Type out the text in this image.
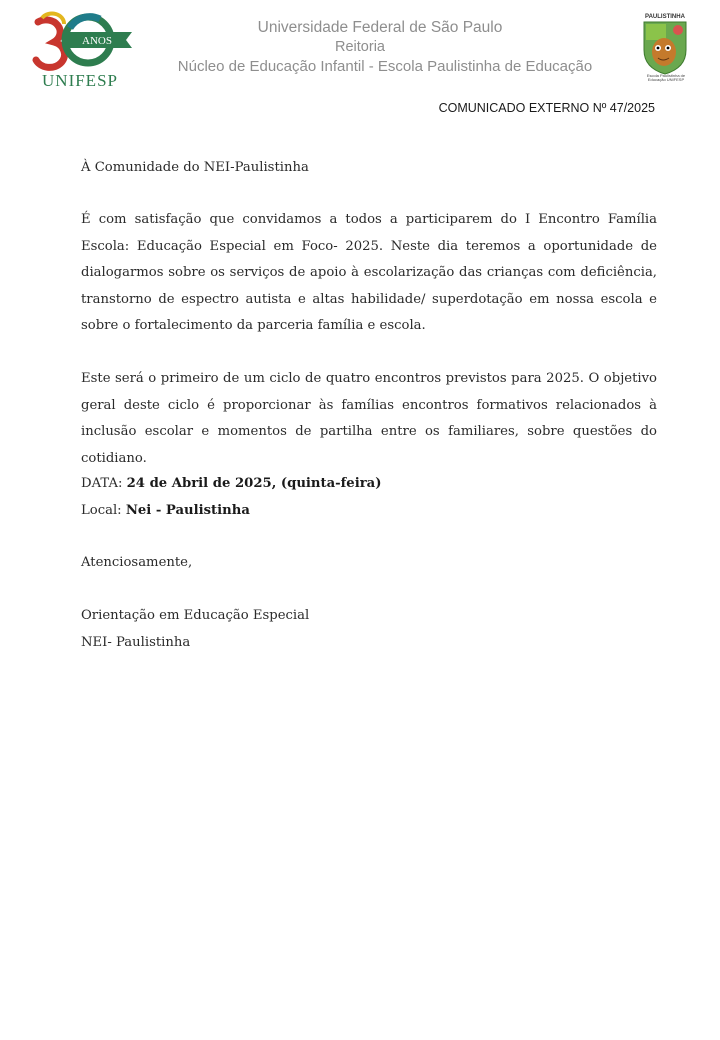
ANOS
UNIFESP
Universidade Federal de São Paulo
Reitoria
Núcleo de Educação Infantil - Escola Paulistinha de Educação
PAULISTINHA
Escola Paulistinha de Educação UNIFESP
COMUNICADO EXTERNO Nº 47/2025
À Comunidade do NEI-Paulistinha
É com satisfação que convidamos a todos a participarem do I Encontro Família Escola: Educação Especial em Foco- 2025. Neste dia teremos a oportunidade de dialogarmos sobre os serviços de apoio à escolarização das crianças com deficiência, transtorno de espectro autista e altas habilidade/ superdotação em nossa escola e sobre o fortalecimento da parceria família e escola.
Este será o primeiro de um ciclo de quatro encontros previstos para 2025. O objetivo geral deste ciclo é proporcionar às famílias encontros formativos relacionados à inclusão escolar e momentos de partilha entre os familiares, sobre questões do cotidiano.
DATA: 24 de Abril de 2025, (quinta-feira)
Local: Nei - Paulistinha
Atenciosamente,
Orientação em Educação Especial
NEI- Paulistinha
